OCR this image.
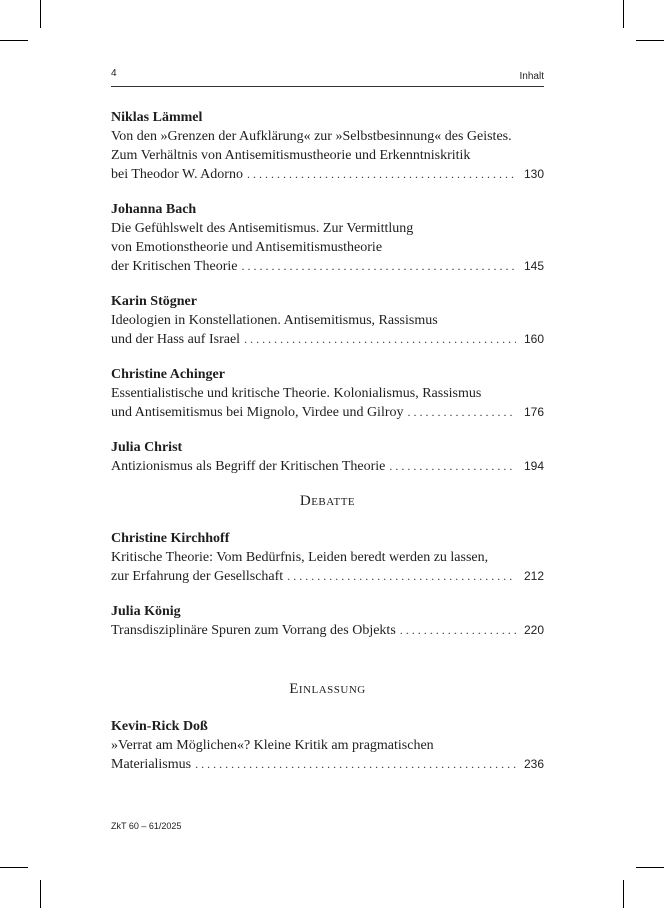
4	Inhalt
Niklas Lämmel
Von den »Grenzen der Aufklärung« zur »Selbstbesinnung« des Geistes.
Zum Verhältnis von Antisemitismustheorie und Erkenntniskritik
bei Theodor W. Adorno . . .	130
Johanna Bach
Die Gefühlswelt des Antisemitismus. Zur Vermittlung
von Emotionstheorie und Antisemitismustheorie
der Kritischen Theorie . . .	145
Karin Stögner
Ideologien in Konstellationen. Antisemitismus, Rassismus
und der Hass auf Israel . . .	160
Christine Achinger
Essentialistische und kritische Theorie. Kolonialismus, Rassismus
und Antisemitismus bei Mignolo, Virdee und Gilroy . . .	176
Julia Christ
Antizionismus als Begriff der Kritischen Theorie . . .	194
Debatte
Christine Kirchhoff
Kritische Theorie: Vom Bedürfnis, Leiden beredt werden zu lassen,
zur Erfahrung der Gesellschaft . . .	212
Julia König
Transdisziplinäre Spuren zum Vorrang des Objekts . . .	220
Einlassung
Kevin-Rick Doß
»Verrat am Möglichen«? Kleine Kritik am pragmatischen
Materialismus . . .	236
ZkT 60 – 61/2025
